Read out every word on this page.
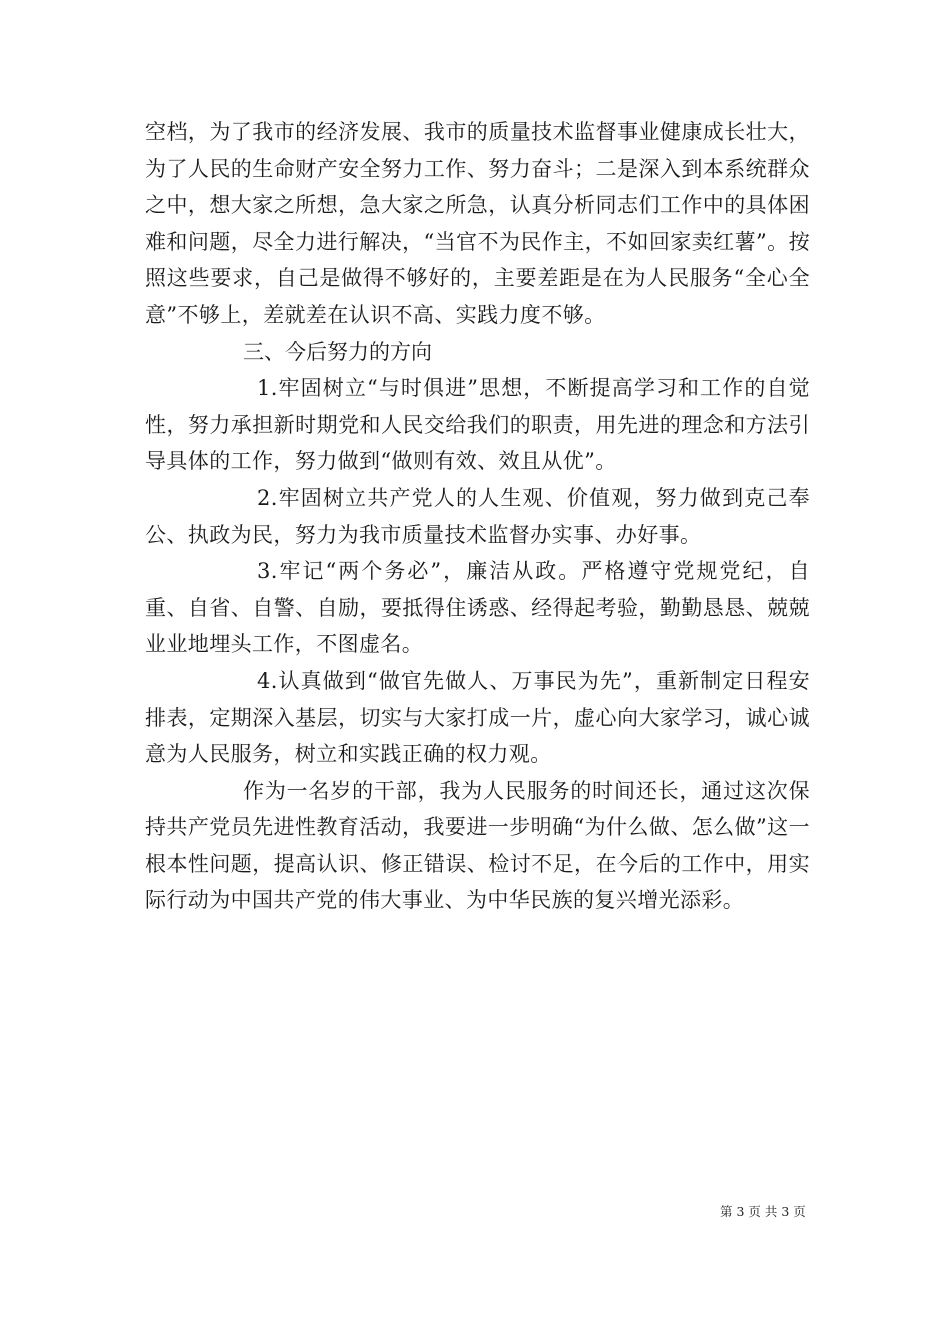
空档，为了我市的经济发展、我市的质量技术监督事业健康成长壮大，为了人民的生命财产安全努力工作、努力奋斗；二是深入到本系统群众之中，想大家之所想，急大家之所急，认真分析同志们工作中的具体困难和问题，尽全力进行解决，“当官不为民作主，不如回家卖红薯”。按照这些要求，自己是做得不够好的，主要差距是在为人民服务“全心全意”不够上，差就差在认识不高、实践力度不够。

三、今后努力的方向

1.牢固树立“与时俱进”思想，不断提高学习和工作的自觉性，努力承担新时期党和人民交给我们的职责，用先进的理念和方法引导具体的工作，努力做到“做则有效、效且从优”。

2.牢固树立共产党人的人生观、价值观，努力做到克己奉公、执政为民，努力为我市质量技术监督办实事、办好事。

3.牢记“两个务必”，廉洁从政。严格遵守党规党纪，自重、自省、自警、自励，要抵得住诱惑、经得起考验，勤勤恳恳、兢兢业业地埋头工作，不图虚名。

4.认真做到“做官先做人、万事民为先”，重新制定日程安排表，定期深入基层，切实与大家打成一片，虚心向大家学习，诚心诚意为人民服务，树立和实践正确的权力观。

作为一名岁的干部，我为人民服务的时间还长，通过这次保持共产党员先进性教育活动，我要进一步明确“为什么做、怎么做”这一根本性问题，提高认识、修正错误、检讨不足，在今后的工作中，用实际行动为中国共产党的伟大事业、为中华民族的复兴增光添彩。

第 3 页 共 3 页
